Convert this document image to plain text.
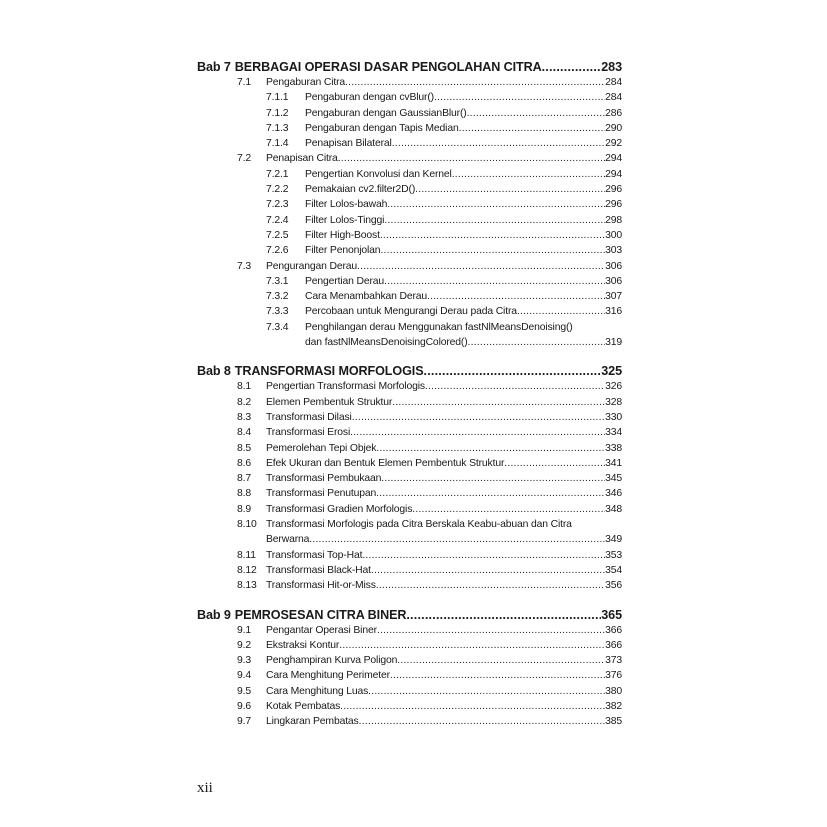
Bab 7 BERBAGAI OPERASI DASAR PENGOLAHAN CITRA .....	283
7.1	Pengaburan Citra .....	284
7.1.1	Pengaburan dengan cvBlur() .....	284
7.1.2	Pengaburan dengan GaussianBlur() .....	286
7.1.3	Pengaburan dengan Tapis Median .....	290
7.1.4	Penapisan Bilateral .....	292
7.2	Penapisan Citra .....	294
7.2.1	Pengertian Konvolusi dan Kernel .....	294
7.2.2	Pemakaian cv2.filter2D() .....	296
7.2.3	Filter Lolos-bawah .....	296
7.2.4	Filter Lolos-Tinggi .....	298
7.2.5	Filter High-Boost .....	300
7.2.6	Filter Penonjolan .....	303
7.3	Pengurangan Derau .....	306
7.3.1	Pengertian Derau .....	306
7.3.2	Cara Menambahkan Derau .....	307
7.3.3	Percobaan untuk Mengurangi Derau pada Citra .....	316
7.3.4	Penghilangan derau Menggunakan fastNlMeansDenoising()
dan fastNlMeansDenoisingColored() .....	319
Bab 8 TRANSFORMASI MORFOLOGIS .....	325
8.1	Pengertian Transformasi Morfologis .....	326
8.2	Elemen Pembentuk Struktur .....	328
8.3	Transformasi Dilasi .....	330
8.4	Transformasi Erosi .....	334
8.5	Pemerolehan Tepi Objek .....	338
8.6	Efek Ukuran dan Bentuk Elemen Pembentuk Struktur .....	341
8.7	Transformasi Pembukaan .....	345
8.8	Transformasi Penutupan .....	346
8.9	Transformasi Gradien Morfologis .....	348
8.10 Transformasi Morfologis pada Citra Berskala Keabu-abuan dan Citra
Berwarna .....	349
8.11 Transformasi Top-Hat .....	353
8.12 Transformasi Black-Hat .....	354
8.13 Transformasi Hit-or-Miss .....	356
Bab 9 PEMROSESAN CITRA BINER .....	365
9.1	Pengantar Operasi Biner .....	366
9.2	Ekstraksi Kontur .....	366
9.3	Penghampiran Kurva Poligon .....	373
9.4	Cara Menghitung Perimeter .....	376
9.5	Cara Menghitung Luas .....	380
9.6	Kotak Pembatas .....	382
9.7	Lingkaran Pembatas .....	385
xii
